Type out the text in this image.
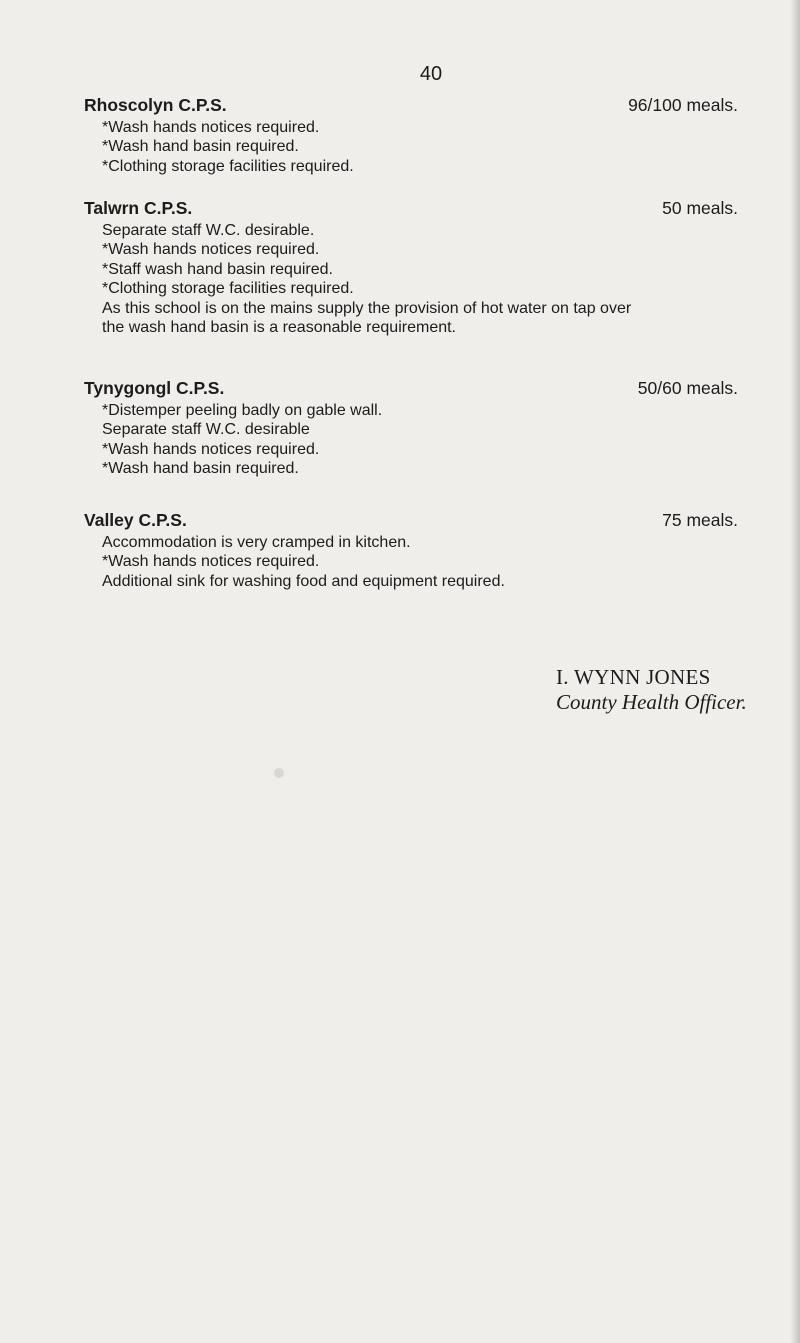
40
Rhoscolyn C.P.S.	96/100 meals.
*Wash hands notices required.
*Wash hand basin required.
*Clothing storage facilities required.
Talwrn C.P.S.	50 meals.
Separate staff W.C. desirable.
*Wash hands notices required.
*Staff wash hand basin required.
*Clothing storage facilities required.
As this school is on the mains supply the provision of hot water on tap over
the wash hand basin is a reasonable requirement.
Tynygongl C.P.S.	50/60 meals.
*Distemper peeling badly on gable wall.
Separate staff W.C. desirable
*Wash hands notices required.
*Wash hand basin required.
Valley C.P.S.	75 meals.
Accommodation is very cramped in kitchen.
*Wash hands notices required.
Additional sink for washing food and equipment required.
I. WYNN JONES
County Health Officer.
